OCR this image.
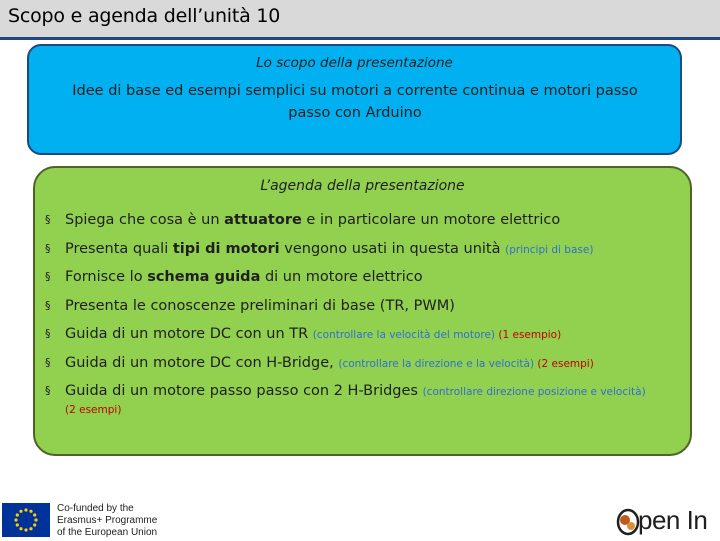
Scopo e agenda dell’unità 10
Lo scopo della presentazione
Idee di base ed esempi semplici su motori a corrente continua e motori passo passo con Arduino
L’agenda della presentazione
§ Spiega che cosa è un attuatore e in particolare un motore elettrico
§ Presenta quali tipi di motori vengono usati in questa unità (principi di base)
§ Fornisce lo schema guida di un motore elettrico
§ Presenta le conoscenze preliminari di base (TR, PWM)
§ Guida di un motore DC con un TR (controllare la velocità del motore) (1 esempio)
§ Guida di un motore DC con H-Bridge, (controllare la direzione e la velocità) (2 esempi)
§ Guida di un motore passo passo con 2 H-Bridges (controllare direzione posizione e velocità)
(2 esempi)
Co-funded by the
Erasmus+ Programme
of the European Union	pen In
